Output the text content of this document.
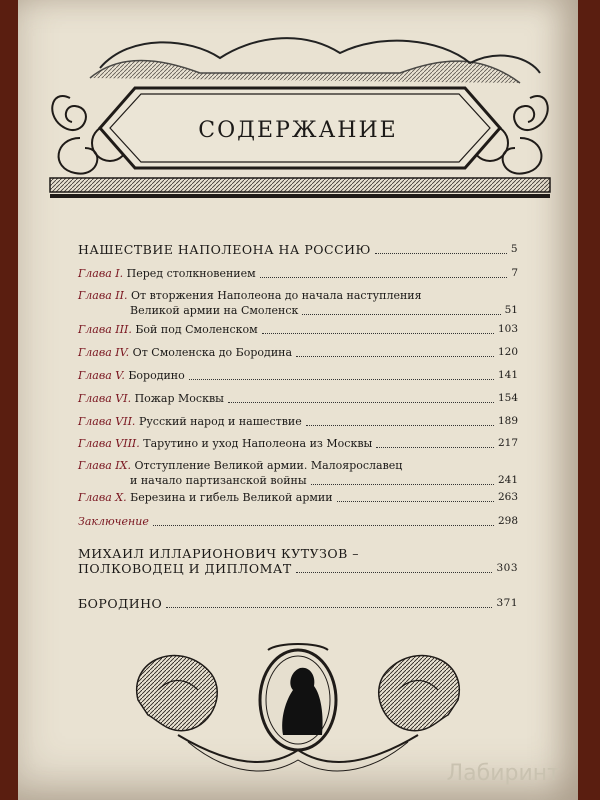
СОДЕРЖАНИЕ
НАШЕСТВИЕ НАПОЛЕОНА НА РОССИЮ	5
Глава I. Перед столкновением	7
Глава II. От вторжения Наполеона до начала наступления
Великой армии на Смоленск	51
Глава III. Бой под Смоленском	103
Глава IV. От Смоленска до Бородина	120
Глава V. Бородино	141
Глава VI. Пожар Москвы	154
Глава VII. Русский народ и нашествие	189
Глава VIII. Тарутино и уход Наполеона из Москвы	217
Глава IX. Отступление Великой армии. Малоярославец
и начало партизанской войны	241
Глава X. Березина и гибель Великой армии	263
Заключение	298
МИХАИЛ ИЛЛАРИОНОВИЧ КУТУЗОВ –
ПОЛКОВОДЕЦ И ДИПЛОМАТ	303
БОРОДИНО	371
Лабиринт
